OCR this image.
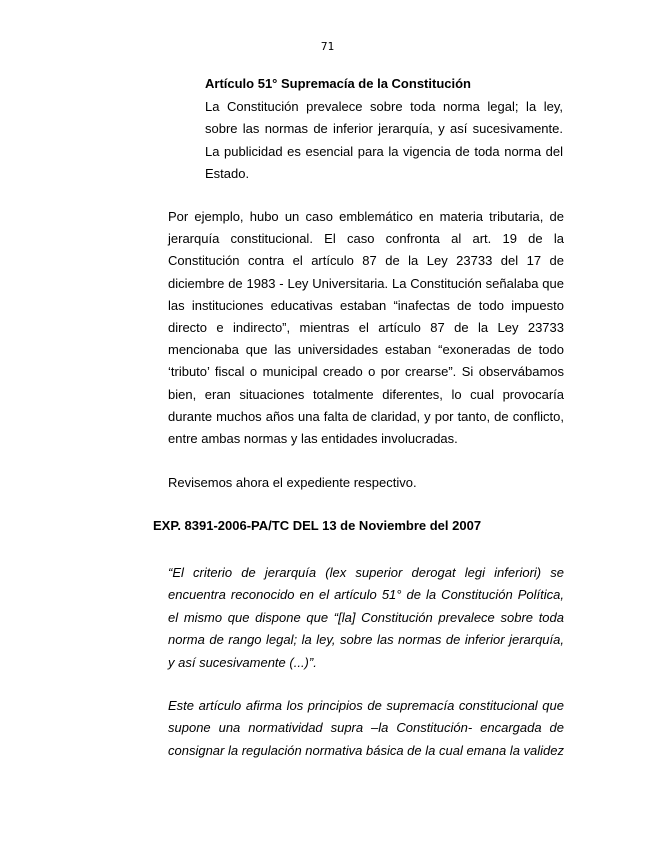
71
Artículo 51° Supremacía de la Constitución
La Constitución prevalece sobre toda norma legal; la ley, sobre las normas de inferior jerarquía, y así sucesivamente. La publicidad es esencial para la vigencia de toda norma del Estado.
Por ejemplo, hubo un caso emblemático en materia tributaria, de jerarquía constitucional. El caso confronta al art. 19 de la Constitución contra el artículo 87 de la Ley 23733 del 17 de diciembre de 1983 - Ley Universitaria. La Constitución señalaba que las instituciones educativas estaban “inafectas de todo impuesto directo e indirecto”, mientras el artículo 87 de la Ley 23733 mencionaba que las universidades estaban “exoneradas de todo ‘tributo’ fiscal o municipal creado o por crearse”. Si observábamos bien, eran situaciones totalmente diferentes, lo cual provocaría durante muchos años una falta de claridad, y por tanto, de conflicto, entre ambas normas y las entidades involucradas.
Revisemos ahora el expediente respectivo.
EXP. 8391-2006-PA/TC DEL 13 de Noviembre del 2007
“El criterio de jerarquía (lex superior derogat legi inferiori) se encuentra reconocido en el artículo 51° de la Constitución Política, el mismo que dispone que “[la] Constitución prevalece sobre toda norma de rango legal; la ley, sobre las normas de inferior jerarquía, y así sucesivamente (...)”.
Este artículo afirma los principios de supremacía constitucional que supone una normatividad supra –la Constitución- encargada de consignar la regulación normativa básica de la cual emana la validez
